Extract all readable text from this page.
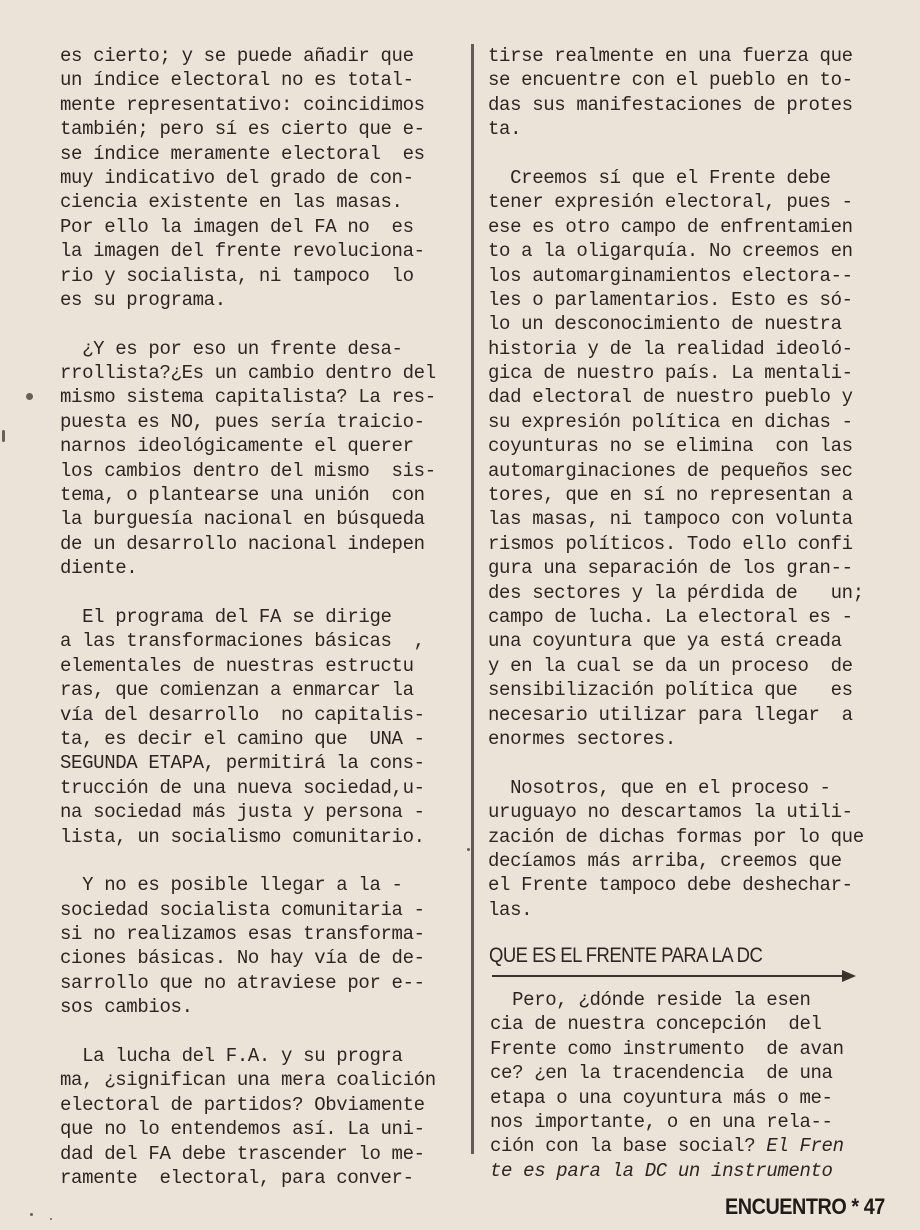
es cierto; y se puede añadir que
un índice electoral no es total-
mente representativo: coincidimos
también; pero sí es cierto que e-
se índice meramente electoral  es
muy indicativo del grado de con-
ciencia existente en las masas.
Por ello la imagen del FA no  es
la imagen del frente revoluciona-
rio y socialista, ni tampoco  lo
es su programa.
¿Y es por eso un frente desa-
rrollista?¿Es un cambio dentro del
mismo sistema capitalista? La res-
puesta es NO, pues sería traicio-
narnos ideológicamente el querer
los cambios dentro del mismo  sis-
tema, o plantearse una unión  con
la burguesía nacional en búsqueda
de un desarrollo nacional indepen
diente.
El programa del FA se dirige
a las transformaciones básicas  ,
elementales de nuestras estructu
ras, que comienzan a enmarcar la
vía del desarrollo  no capitalis-
ta, es decir el camino que  UNA -
SEGUNDA ETAPA, permitirá la cons-
trucción de una nueva sociedad,u-
na sociedad más justa y persona -
lista, un socialismo comunitario.
Y no es posible llegar a la -
sociedad socialista comunitaria -
si no realizamos esas transforma-
ciones básicas. No hay vía de de-
sarrollo que no atraviese por e--
sos cambios.
La lucha del F.A. y su progra
ma, ¿significan una mera coalición
electoral de partidos? Obviamente
que no lo entendemos así. La uni-
dad del FA debe trascender lo me-
ramente  electoral, para conver-
tirse realmente en una fuerza que
se encuentre con el pueblo en to-
das sus manifestaciones de protes
ta.
Creemos sí que el Frente debe
tener expresión electoral, pues -
ese es otro campo de enfrentamien
to a la oligarquía. No creemos en
los automarginamientos electora--
les o parlamentarios. Esto es só-
lo un desconocimiento de nuestra
historia y de la realidad ideoló-
gica de nuestro país. La mentali-
dad electoral de nuestro pueblo y
su expresión política en dichas -
coyunturas no se elimina  con las
automarginaciones de pequeños sec
tores, que en sí no representan a
las masas, ni tampoco con volunta
rismos políticos. Todo ello confi
gura una separación de los gran--
des sectores y la pérdida de   un;
campo de lucha. La electoral es -
una coyuntura que ya está creada
y en la cual se da un proceso  de
sensibilización política que   es
necesario utilizar para llegar  a
enormes sectores.
Nosotros, que en el proceso -
uruguayo no descartamos la utili-
zación de dichas formas por lo que
decíamos más arriba, creemos que
el Frente tampoco debe deshechar-
las.
QUE ES EL FRENTE PARA LA DC
Pero, ¿dónde reside la esen
cia de nuestra concepción  del
Frente como instrumento  de avan
ce? ¿en la tracendencia  de una
etapa o una coyuntura más o me-
nos importante, o en una rela--
ción con la base social? El Fren
te es para la DC un instrumento
ENCUENTRO * 47
